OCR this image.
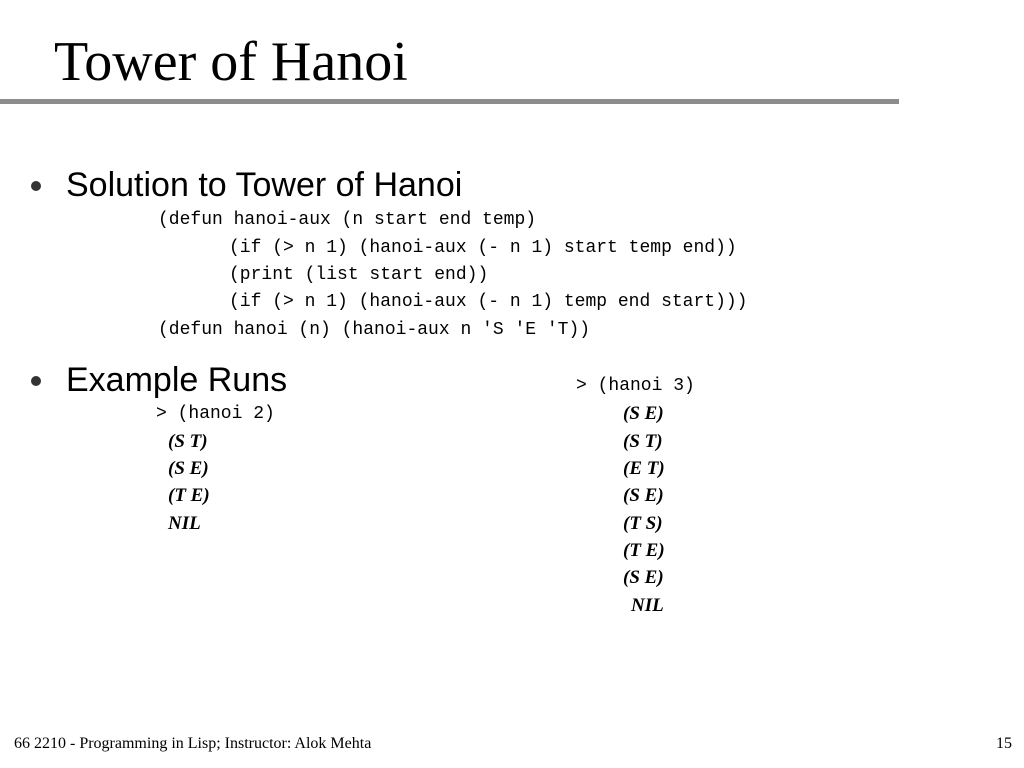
Tower of Hanoi
Solution to Tower of Hanoi
(defun hanoi-aux (n start end temp)
(if (> n 1) (hanoi-aux (- n 1) start temp end))
(print (list start end))
(if (> n 1) (hanoi-aux (- n 1) temp end start)))
(defun hanoi (n) (hanoi-aux n 'S 'E 'T))
Example Runs
> (hanoi 2)
(S T)
(S E)
(T E)
NIL
> (hanoi 3)
(S E)
(S T)
(E T)
(S E)
(T S)
(T E)
(S E)
NIL
66 2210 - Programming in Lisp; Instructor: Alok Mehta	15
